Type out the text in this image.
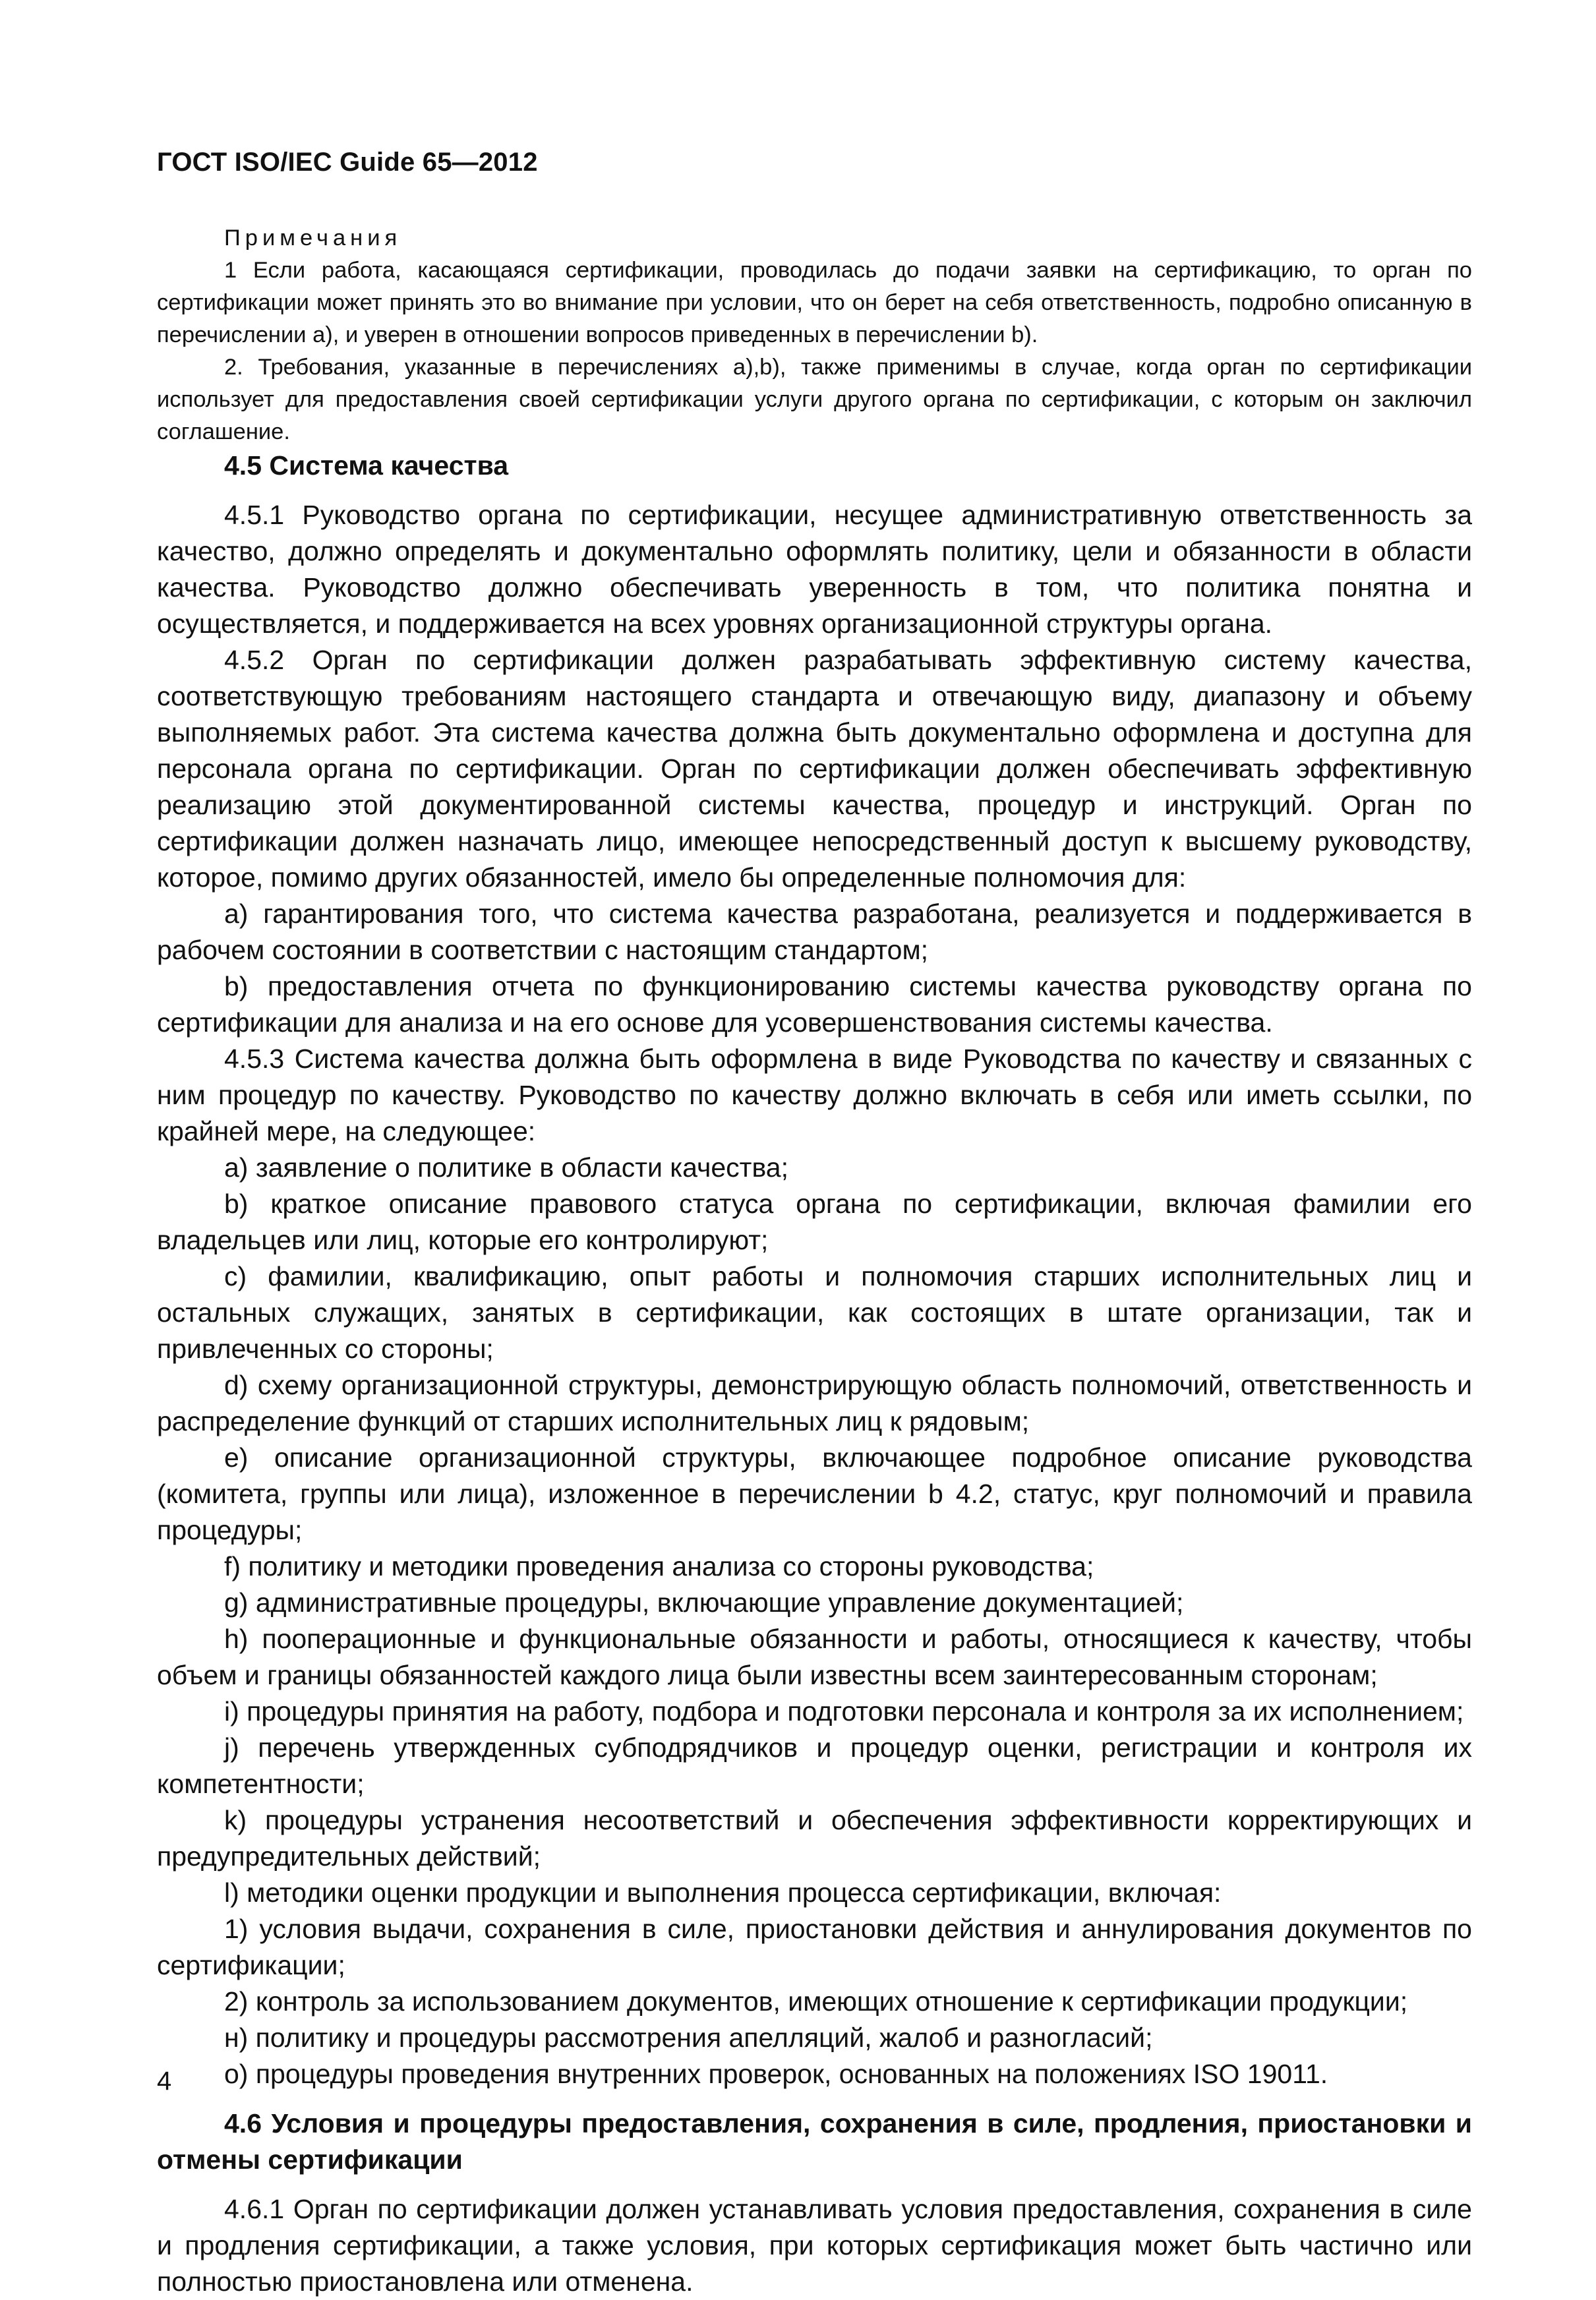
ГОСТ ISO/IEC Guide 65—2012
Примечания

1 Если работа, касающаяся сертификации, проводилась до подачи заявки на сертификацию, то орган по сертификации может принять это во внимание при условии, что он берет на себя ответственность, подробно описанную в перечислении а), и уверен в отношении вопросов приведенных в перечислении b).

2. Требования, указанные в перечислениях а),b), также применимы в случае, когда орган по сертификации использует для предоставления своей сертификации услуги другого органа по сертификации, с которым он заключил соглашение.

4.5 Система качества

4.5.1 Руководство органа по сертификации, несущее административную ответственность за качество, должно определять и документально оформлять политику, цели и обязанности в области качества. Руководство должно обеспечивать уверенность в том, что политика понятна и осуществляется, и поддерживается на всех уровнях организационной структуры органа.

4.5.2 Орган по сертификации должен разрабатывать эффективную систему качества, соответствующую требованиям настоящего стандарта и отвечающую виду, диапазону и объему выполняемых работ. Эта система качества должна быть документально оформлена и доступна для персонала органа по сертификации. Орган по сертификации должен обеспечивать эффективную реализацию этой документированной системы качества, процедур и инструкций. Орган по сертификации должен назначать лицо, имеющее непосредственный доступ к высшему руководству, которое, помимо других обязанностей, имело бы определенные полномочия для:

а) гарантирования того, что система качества разработана, реализуется и поддерживается в рабочем состоянии в соответствии с настоящим стандартом;

b) предоставления отчета по функционированию системы качества руководству органа по сертификации для анализа и на его основе для усовершенствования системы качества.

4.5.3 Система качества должна быть оформлена в виде Руководства по качеству и связанных с ним процедур по качеству. Руководство по качеству должно включать в себя или иметь ссылки, по крайней мере, на следующее:

а) заявление о политике в области качества;

b) краткое описание правового статуса органа по сертификации, включая фамилии его владельцев или лиц, которые его контролируют;

с) фамилии, квалификацию, опыт работы и полномочия старших исполнительных лиц и остальных служащих, занятых в сертификации, как состоящих в штате организации, так и привлеченных со стороны;

d) схему организационной структуры, демонстрирующую область полномочий, ответственность и распределение функций от старших исполнительных лиц к рядовым;

е) описание организационной структуры, включающее подробное описание руководства (комитета, группы или лица), изложенное в перечислении b 4.2, статус, круг полномочий и правила процедуры;

f) политику и методики проведения анализа со стороны руководства;

g) административные процедуры, включающие управление документацией;

h) пооперационные и функциональные обязанности и работы, относящиеся к качеству, чтобы объем и границы обязанностей каждого лица были известны всем заинтересованным сторонам;

i) процедуры принятия на работу, подбора и подготовки персонала и контроля за их исполнением;

j) перечень утвержденных субподрядчиков и процедур оценки, регистрации и контроля их компетентности;

k) процедуры устранения несоответствий и обеспечения эффективности корректирующих и предупредительных действий;

l) методики оценки продукции и выполнения процесса сертификации, включая:

1) условия выдачи, сохранения в силе, приостановки действия и аннулирования документов по сертификации;

2) контроль за использованием документов, имеющих отношение к сертификации продукции;

н) политику и процедуры рассмотрения апелляций, жалоб и разногласий;

о) процедуры проведения внутренних проверок, основанных на положениях ISO 19011.

4.6 Условия и процедуры предоставления, сохранения в силе, продления, приостановки и отмены сертификации

4.6.1 Орган по сертификации должен устанавливать условия предоставления, сохранения в силе и продления сертификации, а также условия, при которых сертификация может быть частично или полностью приостановлена или отменена.

4
